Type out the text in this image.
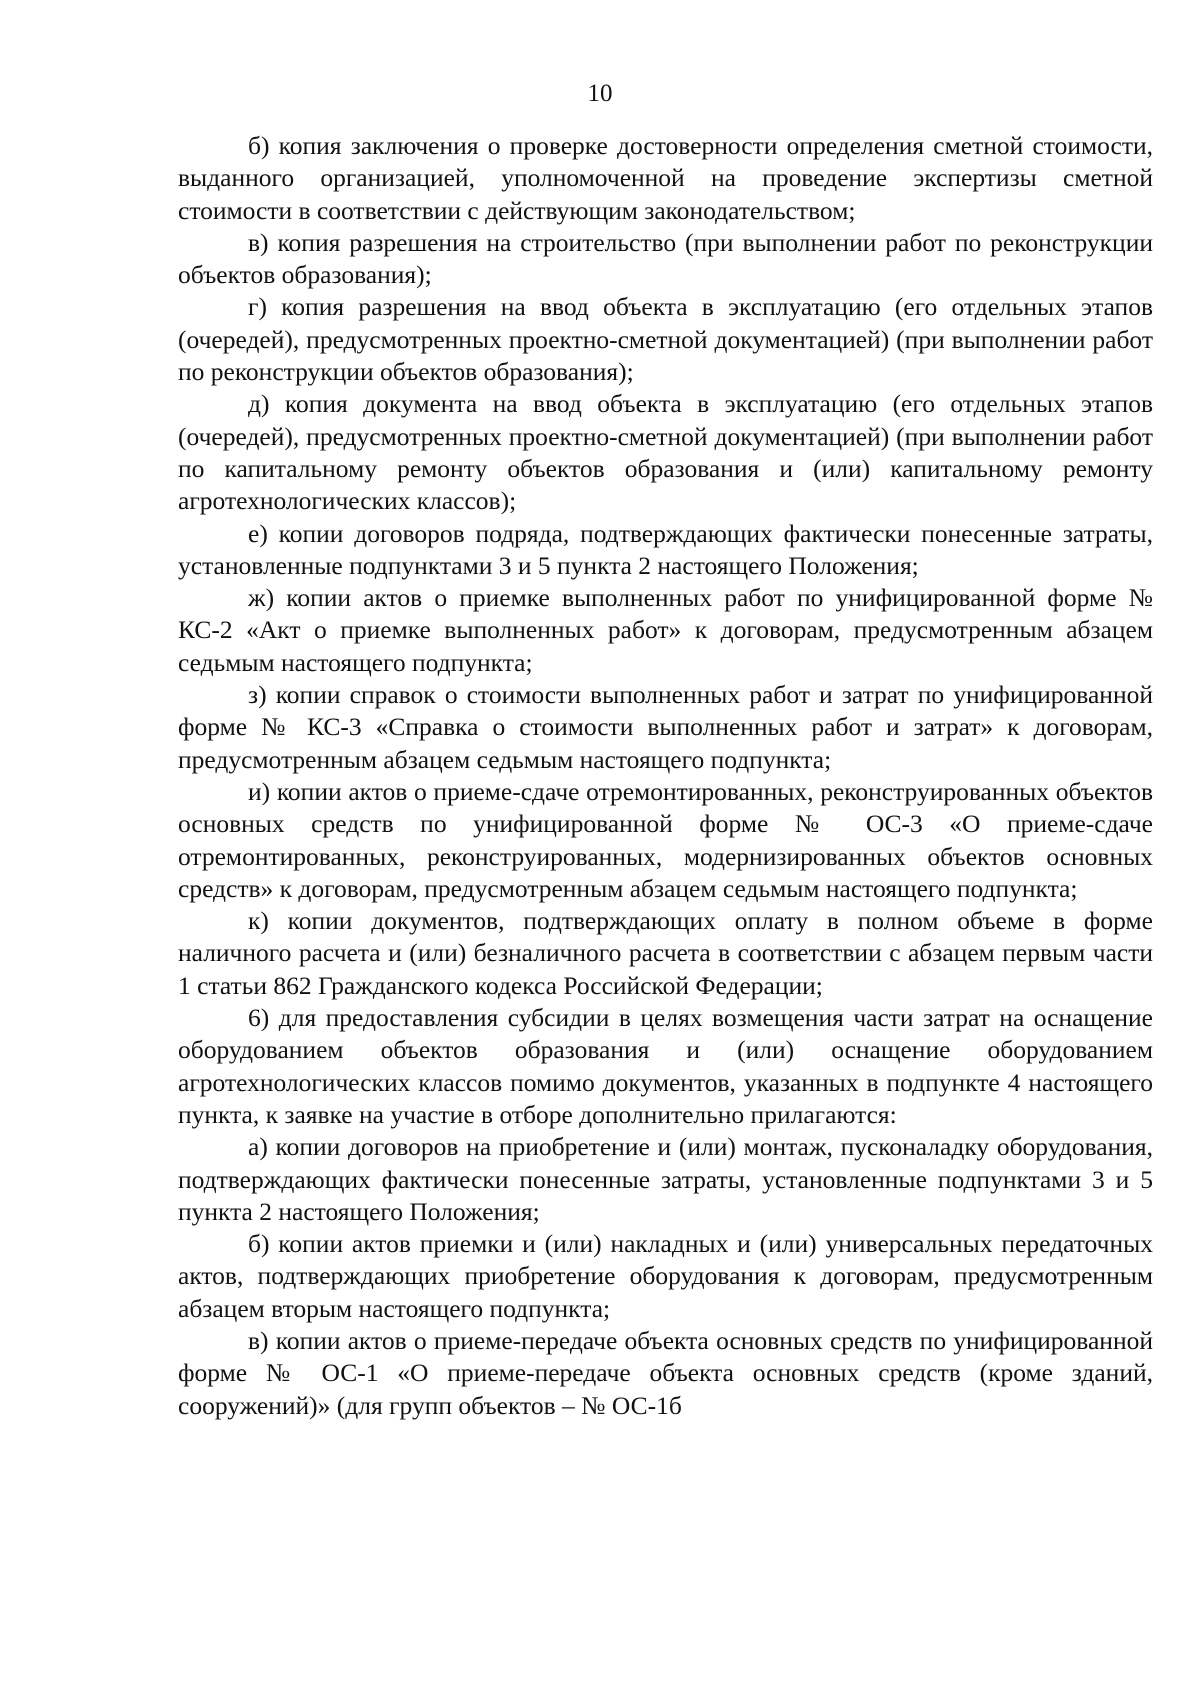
10

б) копия заключения о проверке достоверности определения сметной стоимости, выданного организацией, уполномоченной на проведение экспертизы сметной стоимости в соответствии с действующим законодательством;

в) копия разрешения на строительство (при выполнении работ по реконструкции объектов образования);

г) копия разрешения на ввод объекта в эксплуатацию (его отдельных этапов (очередей), предусмотренных проектно-сметной документацией) (при выполнении работ по реконструкции объектов образования);

д) копия документа на ввод объекта в эксплуатацию (его отдельных этапов (очередей), предусмотренных проектно-сметной документацией) (при выполнении работ по капитальному ремонту объектов образования и (или) капитальному ремонту агротехнологических классов);

е) копии договоров подряда, подтверждающих фактически понесенные затраты, установленные подпунктами 3 и 5 пункта 2 настоящего Положения;

ж) копии актов о приемке выполненных работ по унифицированной форме № КС-2 «Акт о приемке выполненных работ» к договорам, предусмотренным абзацем седьмым настоящего подпункта;

з) копии справок о стоимости выполненных работ и затрат по унифицированной форме № КС-3 «Справка о стоимости выполненных работ и затрат» к договорам, предусмотренным абзацем седьмым настоящего подпункта;

и) копии актов о приеме-сдаче отремонтированных, реконструированных объектов основных средств по унифицированной форме № ОС-3 «О приеме-сдаче отремонтированных, реконструированных, модернизированных объектов основных средств» к договорам, предусмотренным абзацем седьмым настоящего подпункта;

к) копии документов, подтверждающих оплату в полном объеме в форме наличного расчета и (или) безналичного расчета в соответствии с абзацем первым части 1 статьи 862 Гражданского кодекса Российской Федерации;

6) для предоставления субсидии в целях возмещения части затрат на оснащение оборудованием объектов образования и (или) оснащение оборудованием агротехнологических классов помимо документов, указанных в подпункте 4 настоящего пункта, к заявке на участие в отборе дополнительно прилагаются:

а) копии договоров на приобретение и (или) монтаж, пусконаладку оборудования, подтверждающих фактически понесенные затраты, установленные подпунктами 3 и 5 пункта 2 настоящего Положения;

б) копии актов приемки и (или) накладных и (или) универсальных передаточных актов, подтверждающих приобретение оборудования к договорам, предусмотренным абзацем вторым настоящего подпункта;

в) копии актов о приеме-передаче объекта основных средств по унифицированной форме № ОС-1 «О приеме-передаче объекта основных средств (кроме зданий, сооружений)» (для групп объектов – № ОС-1б
